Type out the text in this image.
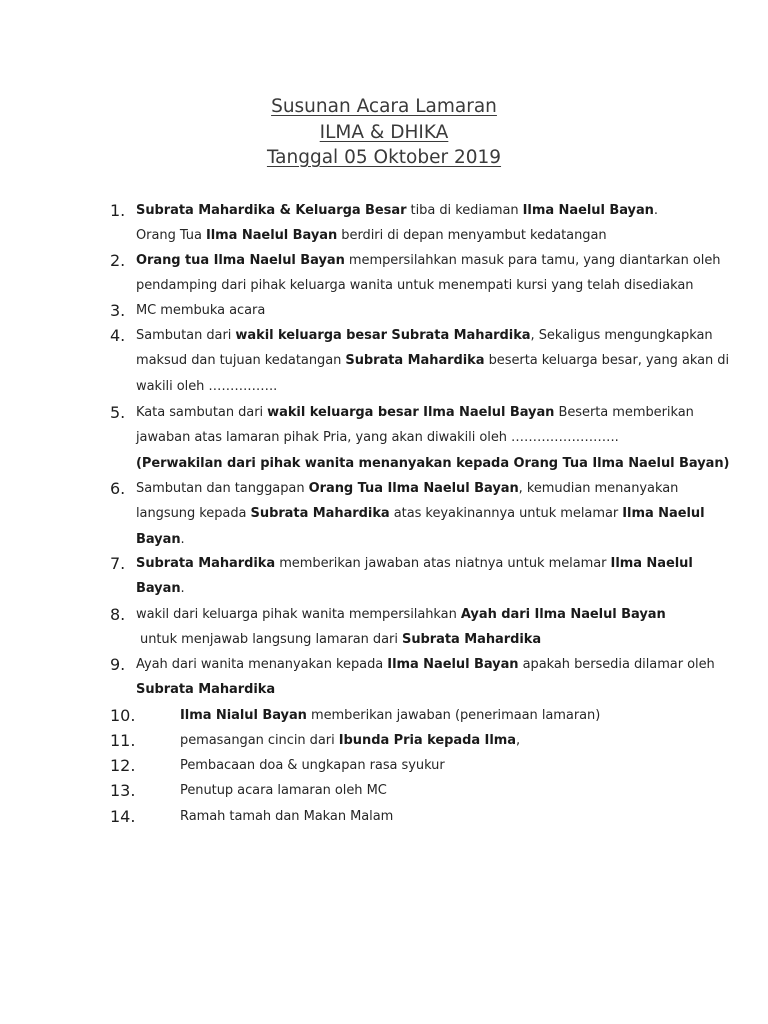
Susunan Acara Lamaran
ILMA & DHIKA
Tanggal 05 Oktober 2019
1. Subrata Mahardika & Keluarga Besar tiba di kediaman Ilma Naelul Bayan.
Orang Tua Ilma Naelul Bayan berdiri di depan menyambut kedatangan
2. Orang tua Ilma Naelul Bayan mempersilahkan masuk para tamu, yang diantarkan oleh
pendamping dari pihak keluarga wanita untuk menempati kursi yang telah disediakan
3. MC membuka acara
4. Sambutan dari wakil keluarga besar Subrata Mahardika, Sekaligus mengungkapkan
maksud dan tujuan kedatangan Subrata Mahardika beserta keluarga besar, yang akan di
wakili oleh …………….
5. Kata sambutan dari wakil keluarga besar Ilma Naelul Bayan Beserta memberikan
jawaban atas lamaran pihak Pria, yang akan diwakili oleh …………………….
(Perwakilan dari pihak wanita menanyakan kepada Orang Tua Ilma Naelul Bayan)
6. Sambutan dan tanggapan Orang Tua Ilma Naelul Bayan, kemudian menanyakan
langsung kepada Subrata Mahardika atas keyakinannya untuk melamar Ilma Naelul
Bayan.
7. Subrata Mahardika memberikan jawaban atas niatnya untuk melamar Ilma Naelul
Bayan.
8. wakil dari keluarga pihak wanita mempersilahkan Ayah dari Ilma Naelul Bayan
untuk menjawab langsung lamaran dari Subrata Mahardika
9. Ayah dari wanita menanyakan kepada Ilma Naelul Bayan apakah bersedia dilamar oleh
Subrata Mahardika
10.	Ilma Nialul Bayan memberikan jawaban (penerimaan lamaran)
11.	pemasangan cincin dari Ibunda Pria kepada Ilma,
12.	Pembacaan doa & ungkapan rasa syukur
13.	Penutup acara lamaran oleh MC
14.	Ramah tamah dan Makan Malam
